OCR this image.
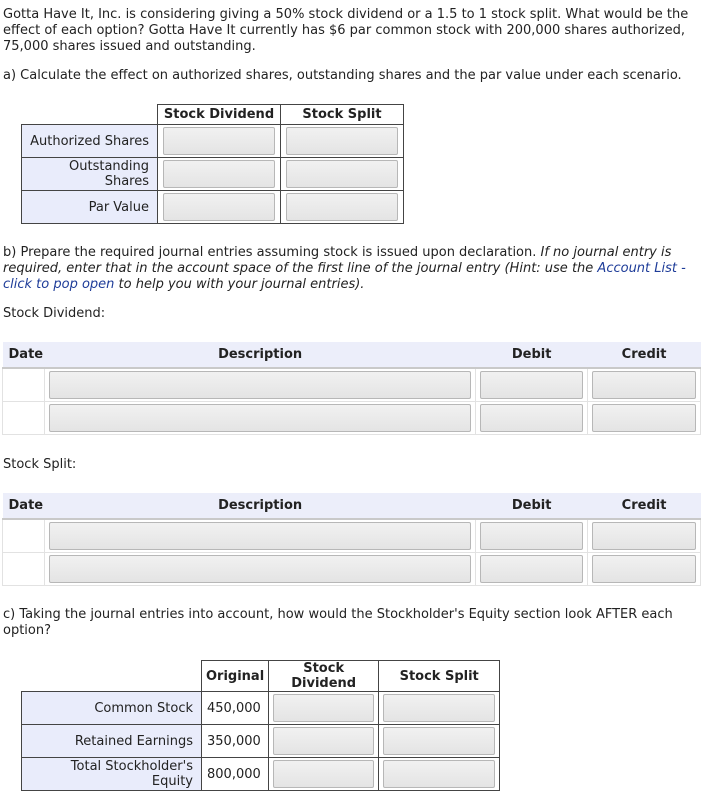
Gotta Have It, Inc. is considering giving a 50% stock dividend or a 1.5 to 1 stock split. What would be the effect of each option? Gotta Have It currently has $6 par common stock with 200,000 shares authorized, 75,000 shares issued and outstanding.

a) Calculate the effect on authorized shares, outstanding shares and the par value under each scenario.

	Stock Dividend	Stock Split
Authorized Shares	

Outstanding Shares	

Par Value	

b) Prepare the required journal entries assuming stock is issued upon declaration. If no journal entry is required, enter that in the account space of the first line of the journal entry (Hint: use the Account List - click to pop open to help you with your journal entries).

Stock Dividend:

Date	Description	Debit	Credit

Stock Split:

Date	Description	Debit	Credit

c) Taking the journal entries into account, how would the Stockholder's Equity section look AFTER each option?

	Original	Stock Dividend	Stock Split
Common Stock	450,000	

Retained Earnings	350,000	

Total Stockholder's Equity	800,000	
